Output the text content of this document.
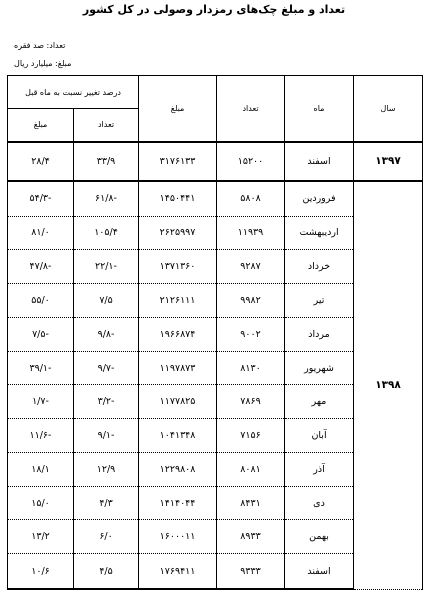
تعداد و مبلغ چک‌های رمزدار وصولی در کل کشور
تعداد: صد فقره
مبلغ: میلیارد ریال
سال	ماه	تعداد	مبلغ	درصد تغییر نسبت به ماه قبل	
				تعداد	مبلغ
۱۳۹۷	اسفند	۱۵۲۰۰	۳۱۷۶۱۳۳	۳۳/۹	۲۸/۴
۱۳۹۸	فروردین	۵۸۰۸	۱۴۵۰۴۴۱	-۶۱/۸	-۵۴/۳
	اردیبهشت	۱۱۹۳۹	۲۶۲۵۹۹۷	۱۰۵/۴	۸۱/۰
	خرداد	۹۲۸۷	۱۳۷۱۳۶۰	-۲۲/۱	-۴۷/۸
	تیر	۹۹۸۲	۲۱۲۶۱۱۱	۷/۵	۵۵/۰
	مرداد	۹۰۰۲	۱۹۶۶۸۷۴	-۹/۸	-۷/۵
	شهریور	۸۱۳۰	۱۱۹۷۸۷۳	-۹/۷	-۳۹/۱
	مهر	۷۸۶۹	۱۱۷۷۸۲۵	-۳/۲	-۱/۷
	آبان	۷۱۵۶	۱۰۴۱۳۴۸	-۹/۱	-۱۱/۶
	آذر	۸۰۸۱	۱۲۲۹۸۰۸	۱۲/۹	۱۸/۱
	دی	۸۴۳۱	۱۴۱۴۰۴۴	۴/۳	۱۵/۰
	بهمن	۸۹۳۳	۱۶۰۰۰۱۱	۶/۰	۱۳/۲
	اسفند	۹۳۳۳	۱۷۶۹۴۱۱	۴/۵	۱۰/۶
